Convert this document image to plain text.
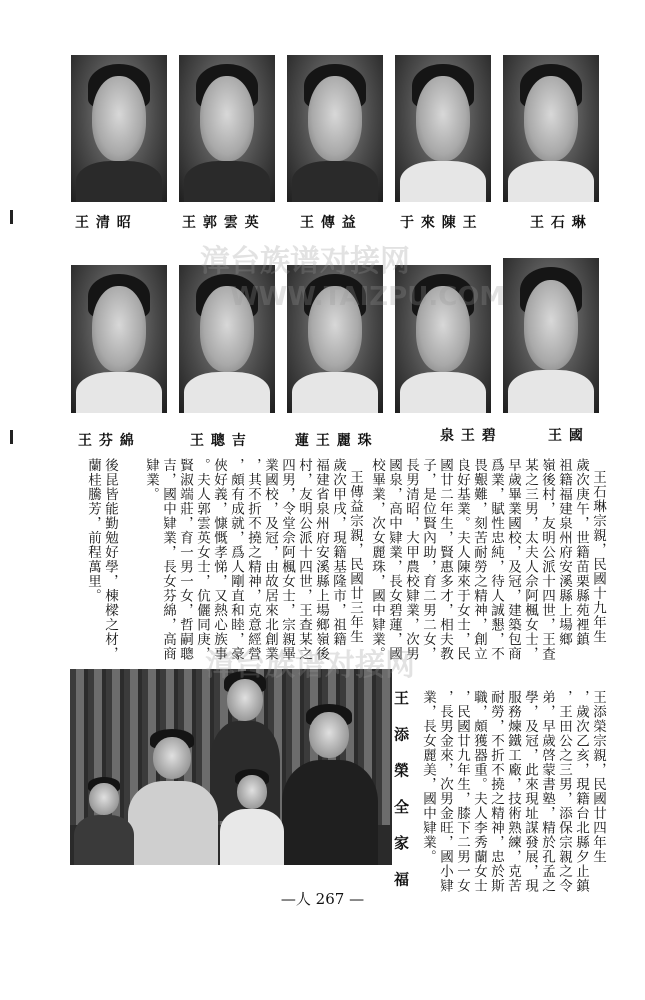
王 石 琳
于 來 陳 王
王 傳 益
王 郭 雲 英
王 清 昭
王 國
泉 王 碧
蓮 王 麗 珠
王 聰 吉
王 芬 綿
王石琳宗親，民國十九年生
歲次庚午，世籍苗栗縣苑裡鎮
祖籍福建泉州府安溪縣上場鄉
嶺後村，友明公派十四世，王査
某之三男，太夫人佘阿楓女士，
早歲畢業國校，及冠，建築包商
爲業，賦性忠純，待人誠懇，不
畏艱難，刻苦耐勞之精神，創立
良好基業。夫人陳來于女士，民
國廿二年生，賢惠多才，相夫教
子，是位賢內助，育二男二女，
長男清昭，大甲農校肄業，次男
國泉，高中肄業，長女碧蓮，國
校畢業，次女麗珠，國中肄業。
王傳益宗親，民國廿三年生
歲次甲戌，現籍基隆市，祖籍
福建省泉州府安溪縣上場鄉嶺後
村，友明公派十四世，王查某之
四男，令堂佘阿楓女士，宗親畢
業國校，及冠，由故居來北創業
，其不折不撓之精神，克意經營
，頗有成就，爲人剛直和睦，豪
俠好義，慷慨孝悌，又熱心族事
。夫人郭雲英女士，伉儷同庚，
賢淑端莊，育一男一女，哲嗣聰
吉，國中肄業，長女芬綿，高商
肄業。
後昆皆能勤勉好學，棟樑之材，
蘭桂騰芳，前程萬里。
王 添 榮 全 家 福	王添榮宗親，民國廿四年生
，歲次乙亥，現籍台北縣夕止鎮
，王田公之三男，添保宗親之令
弟，早歲啓蒙書塾，精於孔孟之
學，及冠，此來現址謀發展，現
服務煉鐵工廠，技術熟練，克苦
耐勞，不折不撓之精神，忠於斯
職，頗獲器重。夫人李秀蘭女士
，民國廿九年生，膝下二男一女
，長男金來，次男金旺，國小肄
業，長女麗美，國中肄業。
漳台族谱对接网
WWW.TAIZPU.COM
漳台族谱对接网
—人 267 —
